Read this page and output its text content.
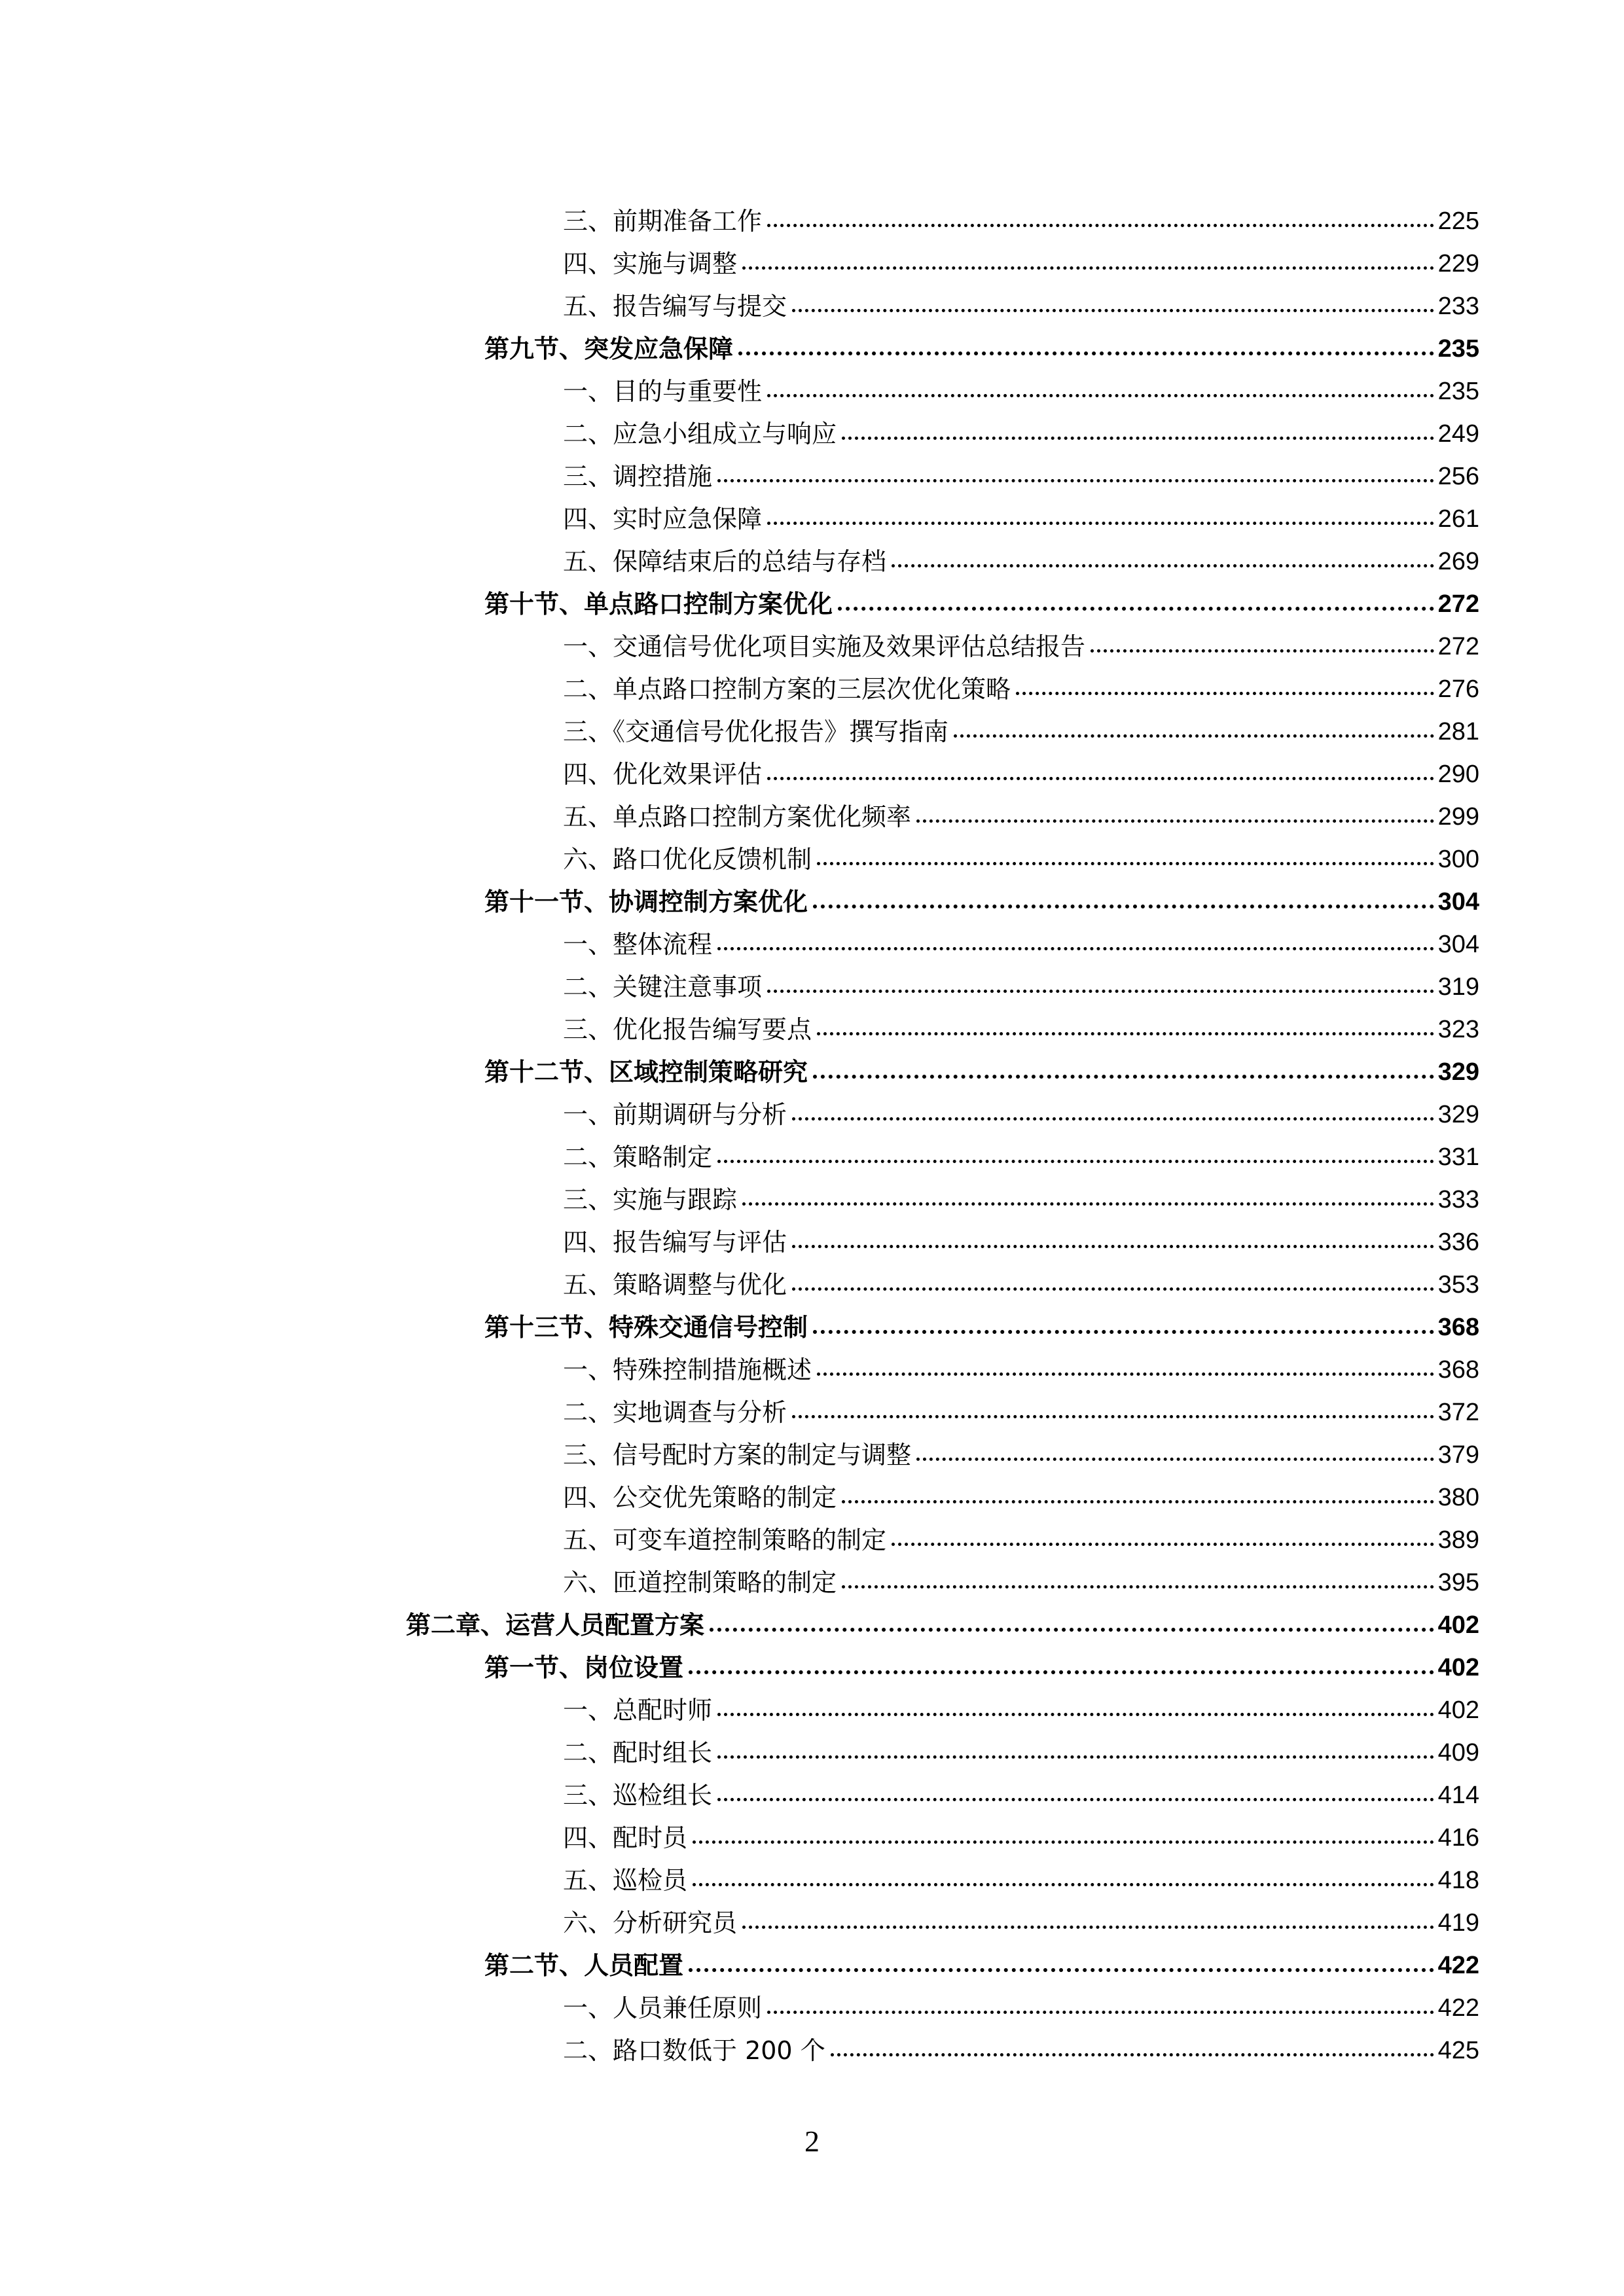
三、前期准备工作	225
四、实施与调整	229
五、报告编写与提交	233
第九节、突发应急保障	235
一、目的与重要性	235
二、应急小组成立与响应	249
三、调控措施	256
四、实时应急保障	261
五、保障结束后的总结与存档	269
第十节、单点路口控制方案优化	272
一、交通信号优化项目实施及效果评估总结报告	272
二、单点路口控制方案的三层次优化策略	276
三、《交通信号优化报告》撰写指南	281
四、优化效果评估	290
五、单点路口控制方案优化频率	299
六、路口优化反馈机制	300
第十一节、协调控制方案优化	304
一、整体流程	304
二、关键注意事项	319
三、优化报告编写要点	323
第十二节、区域控制策略研究	329
一、前期调研与分析	329
二、策略制定	331
三、实施与跟踪	333
四、报告编写与评估	336
五、策略调整与优化	353
第十三节、特殊交通信号控制	368
一、特殊控制措施概述	368
二、实地调查与分析	372
三、信号配时方案的制定与调整	379
四、公交优先策略的制定	380
五、可变车道控制策略的制定	389
六、匝道控制策略的制定	395
第二章、运营人员配置方案	402
第一节、岗位设置	402
一、总配时师	402
二、配时组长	409
三、巡检组长	414
四、配时员	416
五、巡检员	418
六、分析研究员	419
第二节、人员配置	422
一、人员兼任原则	422
二、路口数低于 200 个	425
2
